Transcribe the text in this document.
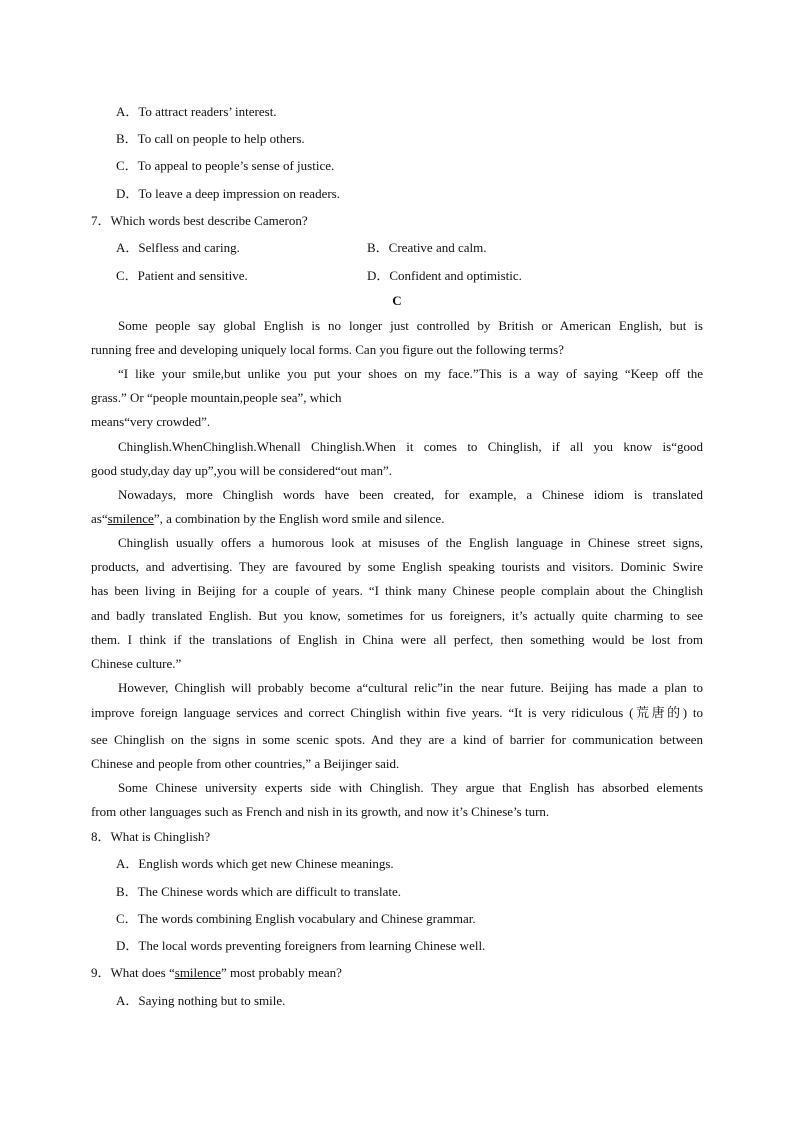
A．To attract readers’ interest.
B．To call on people to help others.
C．To appeal to people’s sense of justice.
D．To leave a deep impression on readers.
7．Which words best describe Cameron?
A．Selfless and caring.	B．Creative and calm.
C．Patient and sensitive.	D．Confident and optimistic.
C
Some people say global English is no longer just controlled by British or American English, but is
running free and developing uniquely local forms. Can you figure out the following terms?
“I like your smile,but unlike you put your shoes on my face.”This is a way of saying “Keep off the
grass.” Or “people mountain,people sea”, which
means“very crowded”.
Chinglish.WhenChinglish.Whenall Chinglish.When it comes to Chinglish, if all you know is“good
good study,day day up”,you will be considered“out man”.
Nowadays, more Chinglish words have been created, for example, a Chinese idiom is translated
as“smilence”, a combination by the English word smile and silence.
Chinglish usually offers a humorous look at misuses of the English language in Chinese street signs,
products, and advertising. They are favoured by some English speaking tourists and visitors. Dominic Swire
has been living in Beijing for a couple of years. “I think many Chinese people complain about the Chinglish
and badly translated English. But you know, sometimes for us foreigners, it’s actually quite charming to see
them. I think if the translations of English in China were all perfect, then something would be lost from
Chinese culture.”
However, Chinglish will probably become a“cultural relic”in the near future. Beijing has made a plan to
improve foreign language services and correct Chinglish within five years. “It is very ridiculous (荒唐的) to
see Chinglish on the signs in some scenic spots. And they are a kind of barrier for communication between
Chinese and people from other countries,” a Beijinger said.
Some Chinese university experts side with Chinglish. They argue that English has absorbed elements
from other languages such as French and nish in its growth, and now it’s Chinese’s turn.
8．What is Chinglish?
A．English words which get new Chinese meanings.
B．The Chinese words which are difficult to translate.
C．The words combining English vocabulary and Chinese grammar.
D．The local words preventing foreigners from learning Chinese well.
9．What does “smilence” most probably mean?
A．Saying nothing but to smile.
